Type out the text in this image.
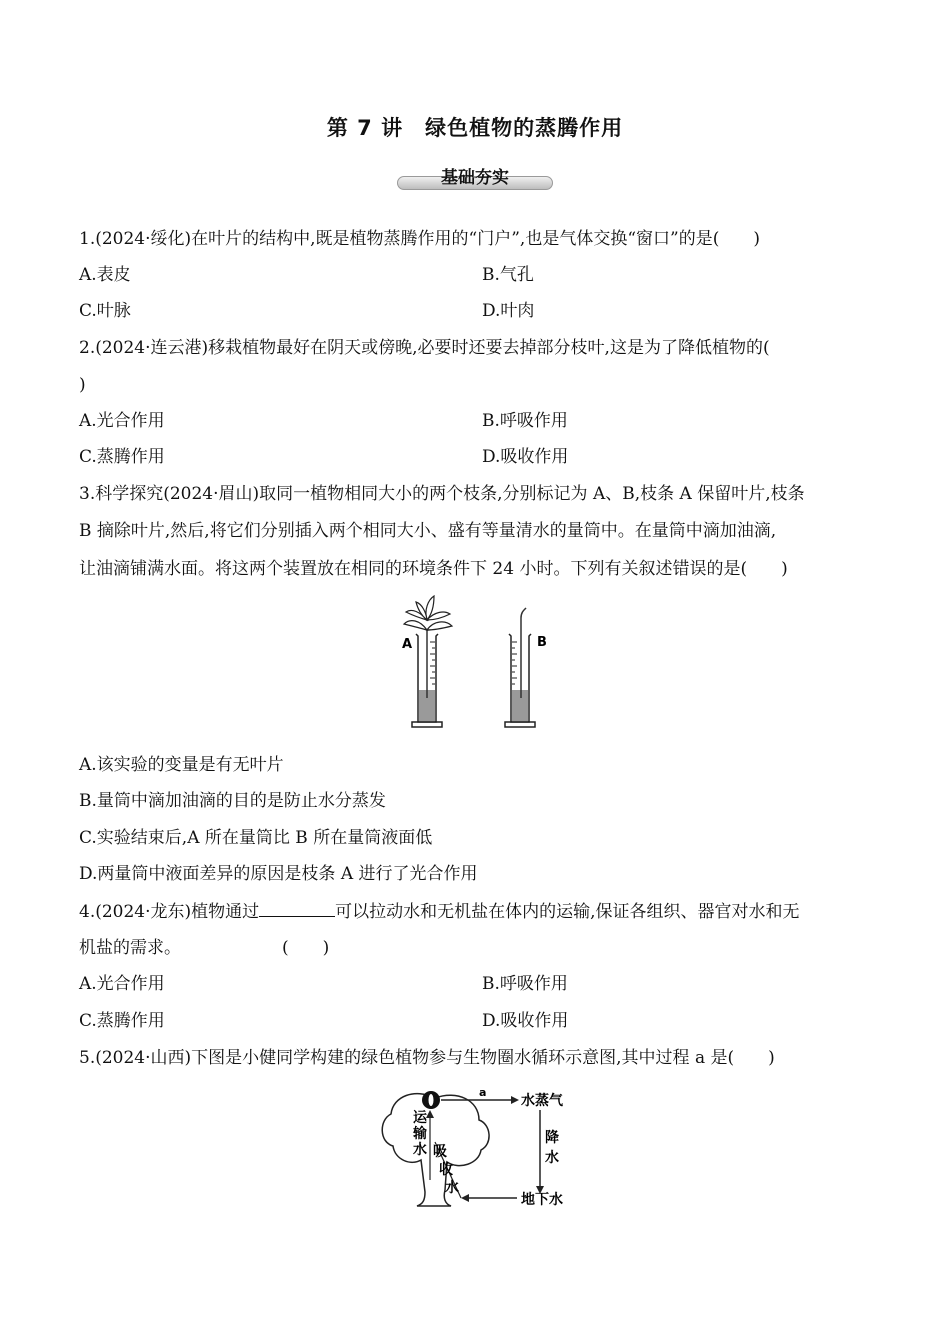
第 7 讲　绿色植物的蒸腾作用
基础夯实
1.(2024·绥化)在叶片的结构中,既是植物蒸腾作用的“门户”,也是气体交换“窗口”的是(　　)
A.表皮	B.气孔
C.叶脉	D.叶肉
2.(2024·连云港)移栽植物最好在阴天或傍晚,必要时还要去掉部分枝叶,这是为了降低植物的(
)
A.光合作用	B.呼吸作用
C.蒸腾作用	D.吸收作用
3.科学探究(2024·眉山)取同一植物相同大小的两个枝条,分别标记为 A、B,枝条 A 保留叶片,枝条
B 摘除叶片,然后,将它们分别插入两个相同大小、盛有等量清水的量筒中。在量筒中滴加油滴,
让油滴铺满水面。将这两个装置放在相同的环境条件下 24 小时。下列有关叙述错误的是(　　)
A	B
A.该实验的变量是有无叶片
B.量筒中滴加油滴的目的是防止水分蒸发
C.实验结束后,A 所在量筒比 B 所在量筒液面低
D.两量筒中液面差异的原因是枝条 A 进行了光合作用
4.(2024·龙东)植物通过	可以拉动水和无机盐在体内的运输,保证各组织、器官对水和无
机盐的需求。	(　　)
A.光合作用	B.呼吸作用
C.蒸腾作用	D.吸收作用
5.(2024·山西)下图是小健同学构建的绿色植物参与生物圈水循环示意图,其中过程 a 是(　　)
a
水蒸气
降
水
地下水
吸
收
水
运
输
水
